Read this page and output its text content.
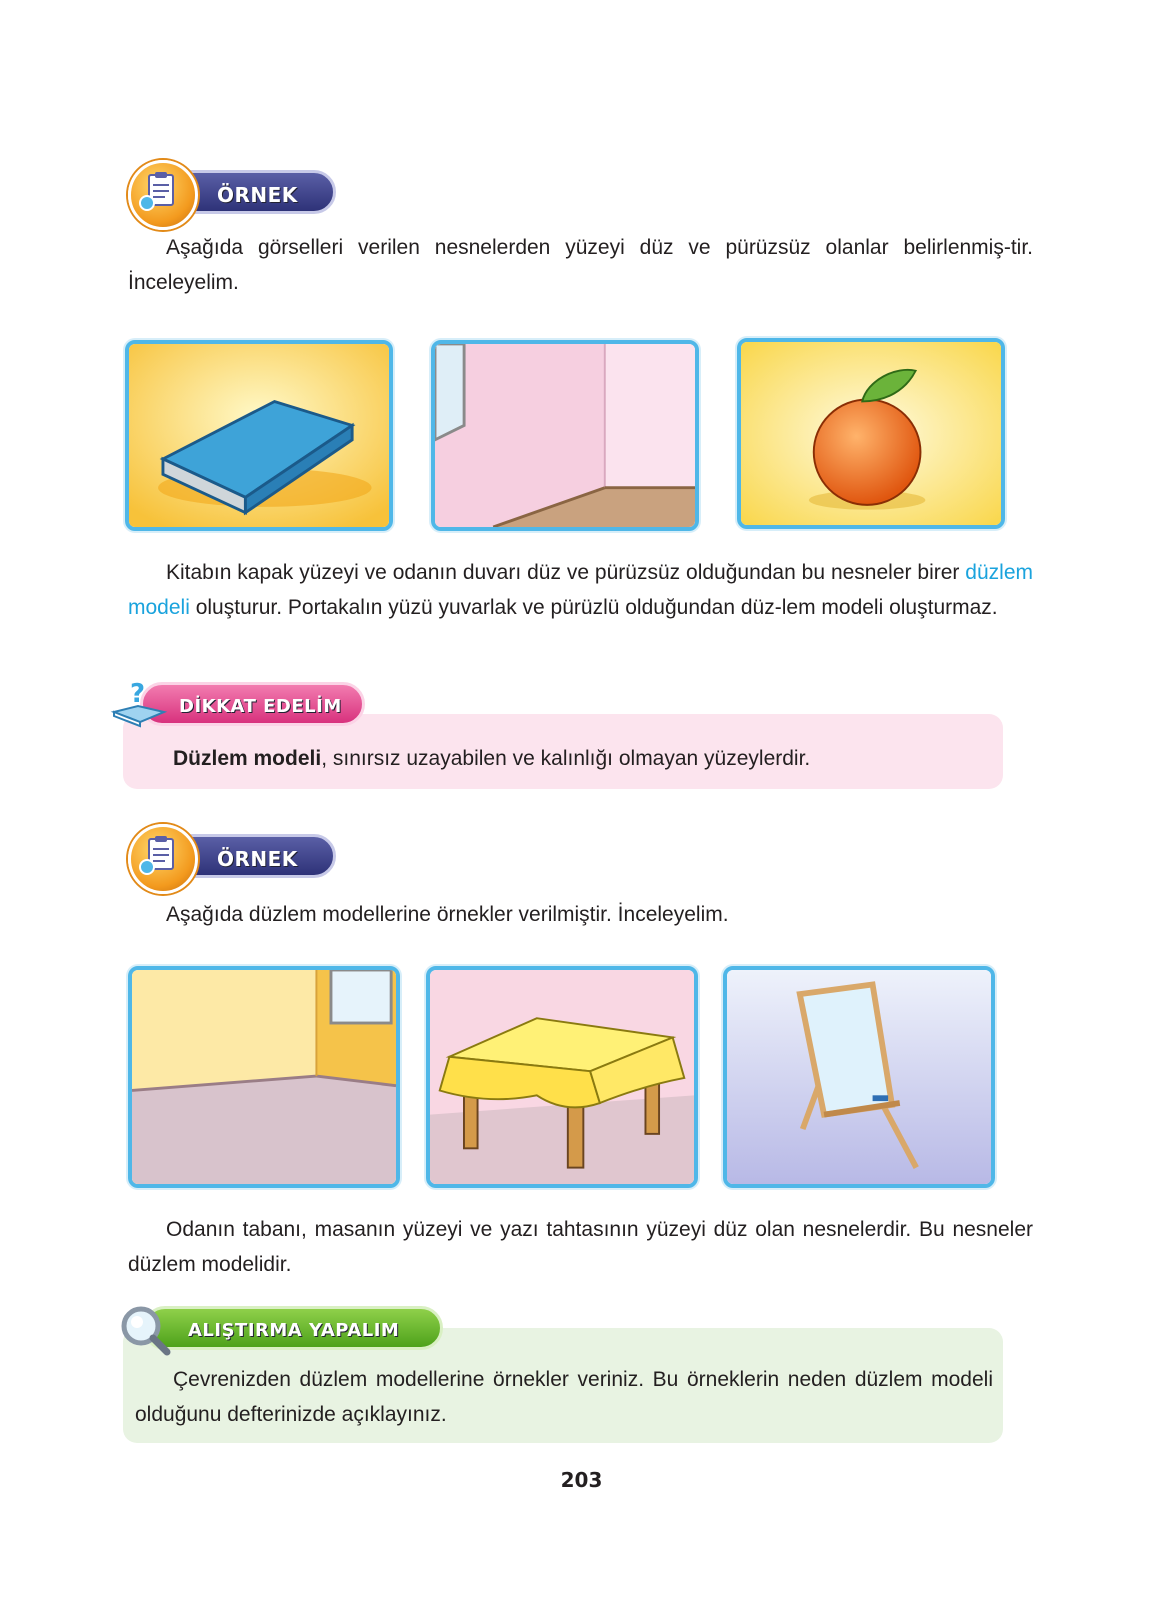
ÖRNEK

Aşağıda görselleri verilen nesnelerden yüzeyi düz ve pürüzsüz olanlar belirlenmiş-tir. İnceleyelim.

Kitabın kapak yüzeyi ve odanın duvarı düz ve pürüzsüz olduğundan bu nesneler birer düzlem modeli oluşturur. Portakalın yüzü yuvarlak ve pürüzlü olduğundan düz-lem modeli oluşturmaz.

DİKKAT EDELİM
?

Düzlem modeli, sınırsız uzayabilen ve kalınlığı olmayan yüzeylerdir.

ÖRNEK

Aşağıda düzlem modellerine örnekler verilmiştir. İnceleyelim.

Odanın tabanı, masanın yüzeyi ve yazı tahtasının yüzeyi düz olan nesnelerdir. Bu nesneler düzlem modelidir.

ALIŞTIRMA YAPALIM

Çevrenizden düzlem modellerine örnekler veriniz. Bu örneklerin neden düzlem modeli olduğunu defterinizde açıklayınız.

203
